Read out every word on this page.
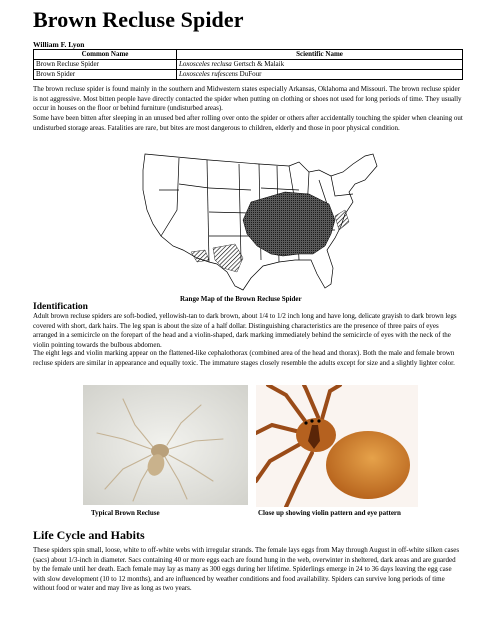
Brown Recluse Spider
William F. Lyon
Common Name	Scientific Name
Brown Recluse Spider	Loxosceles reclusa Gertsch & Malaik
Brown Spider	Loxosceles rufescens DuFour
The brown recluse spider is found mainly in the southern and Midwestern states especially Arkansas, Oklahoma and Missouri. The brown recluse spider is not aggressive. Most bitten people have directly contacted the spider when putting on clothing or shoes not used for long periods of time. They usually occur in houses on the floor or behind furniture (undisturbed areas).
Some have been bitten after sleeping in an unused bed after rolling over onto the spider or others after accidentally touching the spider when cleaning out undisturbed storage areas. Fatalities are rare, but bites are most dangerous to children, elderly and those in poor physical condition.
Range Map of the Brown Recluse Spider
Identification
Adult brown recluse spiders are soft-bodied, yellowish-tan to dark brown, about 1/4 to 1/2 inch long and have long, delicate grayish to dark brown legs covered with short, dark hairs. The leg span is about the size of a half dollar. Distinguishing characteristics are the presence of three pairs of eyes arranged in a semicircle on the forepart of the head and a violin-shaped, dark marking immediately behind the semicircle of eyes with the neck of the violin pointing towards the bulbous abdomen.
The eight legs and violin marking appear on the flattened-like cephalothorax (combined area of the head and thorax). Both the male and female brown recluse spiders are similar in appearance and equally toxic. The immature stages closely resemble the adults except for size and a slightly lighter color.
Typical Brown Recluse	Close up showing violin pattern and eye pattern
Life Cycle and Habits
These spiders spin small, loose, white to off-white webs with irregular strands. The female lays eggs from May through August in off-white silken cases (sacs) about 1/3-inch in diameter. Sacs containing 40 or more eggs each are found hung in the web, overwinter in sheltered, dark areas and are guarded by the female until her death. Each female may lay as many as 300 eggs during her lifetime. Spiderlings emerge in 24 to 36 days leaving the egg case with slow development (10 to 12 months), and are influenced by weather conditions and food availability. Spiders can survive long periods of time without food or water and may live as long as two years.
